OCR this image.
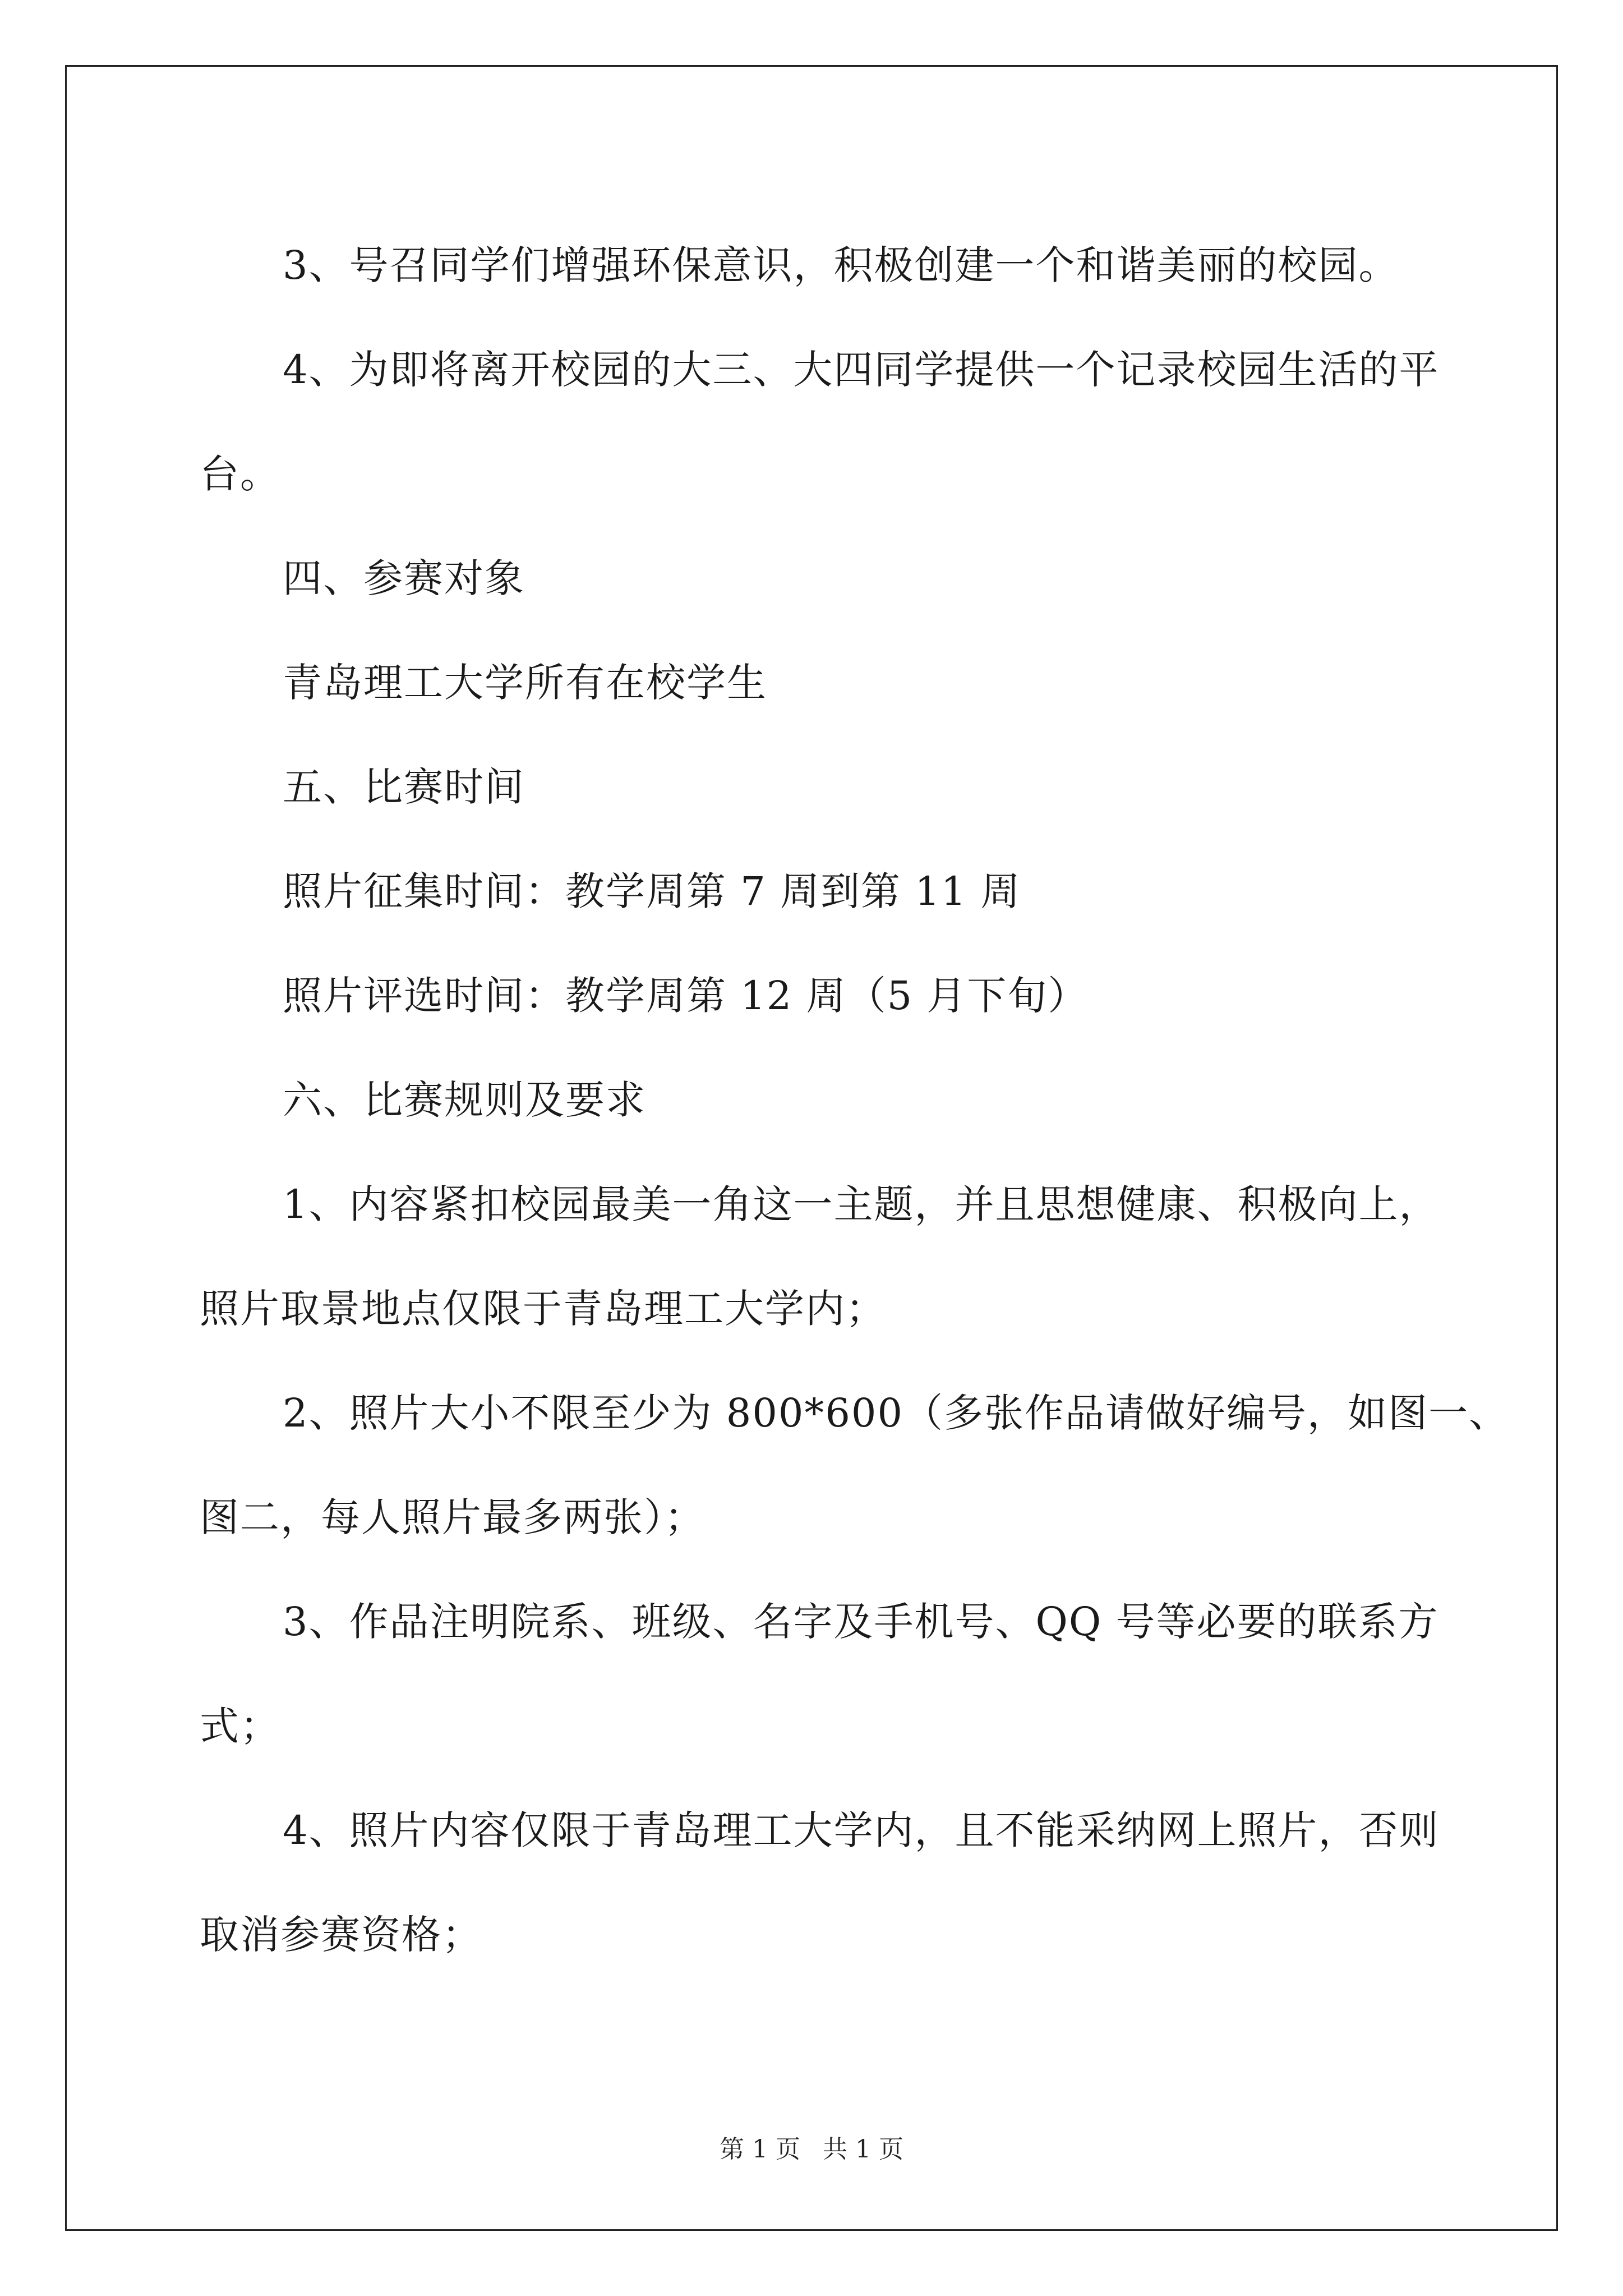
3、号召同学们增强环保意识，积极创建一个和谐美丽的校园。

4、为即将离开校园的大三、大四同学提供一个记录校园生活的平

台。

四、参赛对象

青岛理工大学所有在校学生

五、比赛时间

照片征集时间：教学周第 7 周到第 11 周

照片评选时间：教学周第 12 周（5 月下旬）

六、比赛规则及要求

1、内容紧扣校园最美一角这一主题，并且思想健康、积极向上，

照片取景地点仅限于青岛理工大学内；

2、照片大小不限至少为 800*600（多张作品请做好编号，如图一、

图二，每人照片最多两张）；

3、作品注明院系、班级、名字及手机号、QQ 号等必要的联系方

式；

4、照片内容仅限于青岛理工大学内，且不能采纳网上照片，否则

取消参赛资格；

第 1 页 共 1 页
